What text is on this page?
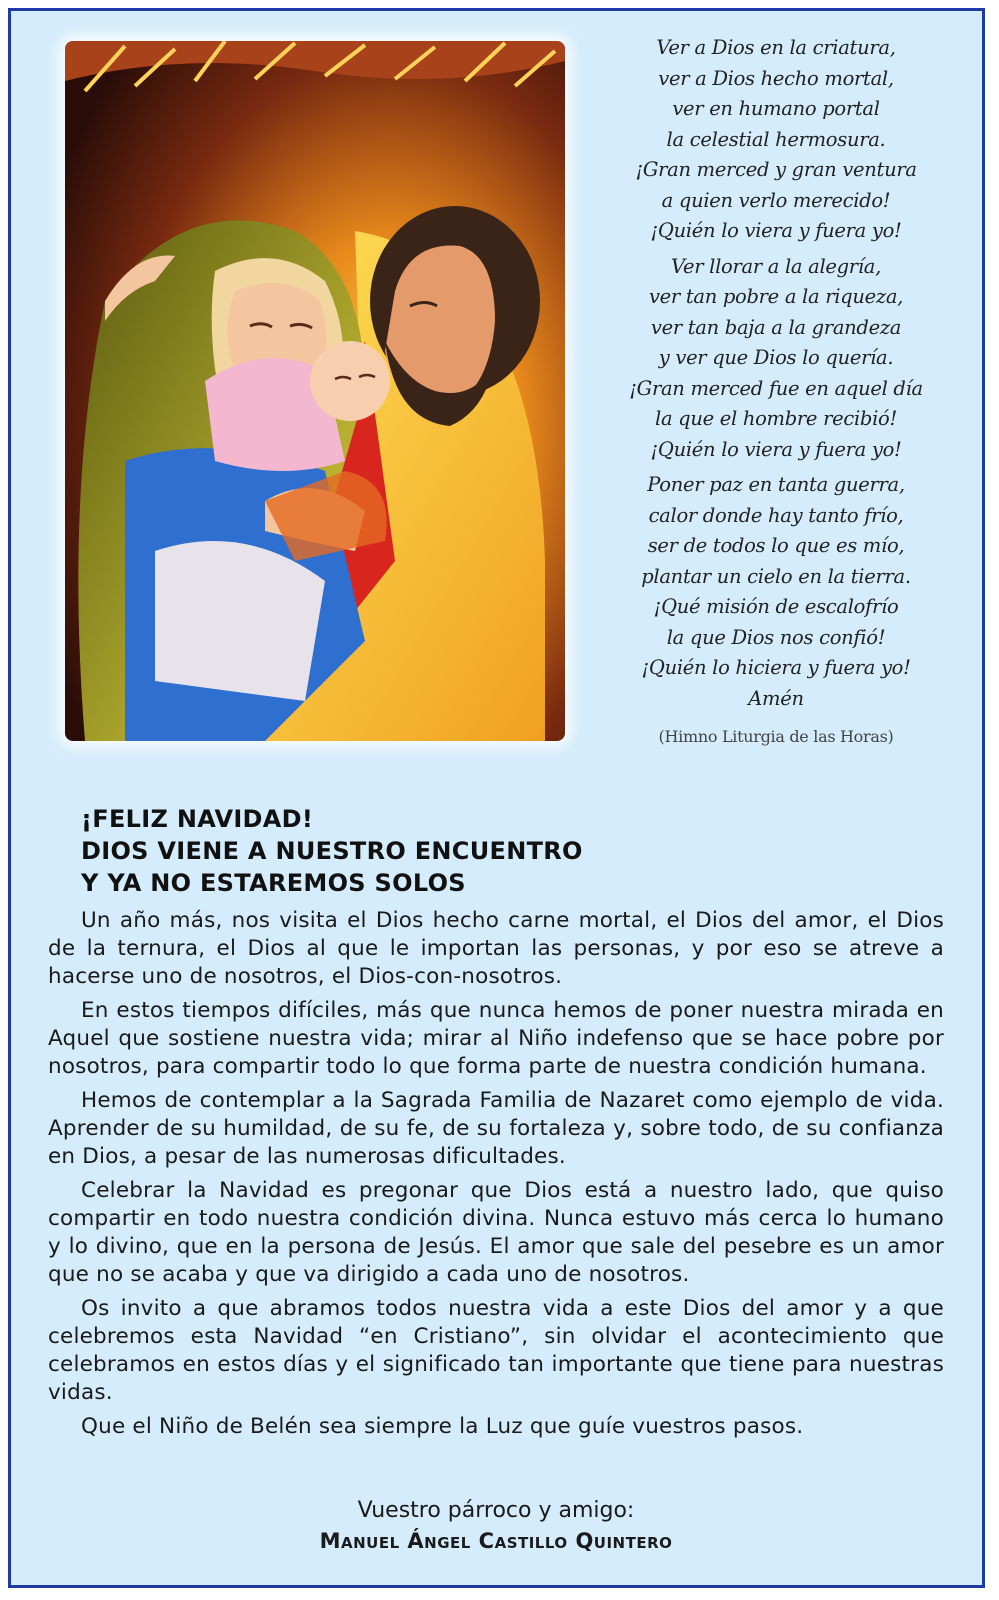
Ver a Dios en la criatura,
ver a Dios hecho mortal,
ver en humano portal
la celestial hermosura.
¡Gran merced y gran ventura
a quien verlo merecido!
¡Quién lo viera y fuera yo!
Ver llorar a la alegría,
ver tan pobre a la riqueza,
ver tan baja a la grandeza
y ver que Dios lo quería.
¡Gran merced fue en aquel día
la que el hombre recibió!
¡Quién lo viera y fuera yo!
Poner paz en tanta guerra,
calor donde hay tanto frío,
ser de todos lo que es mío,
plantar un cielo en la tierra.
¡Qué misión de escalofrío
la que Dios nos confió!
¡Quién lo hiciera y fuera yo!
Amén
(Himno Liturgia de las Horas)
¡FELIZ NAVIDAD!
DIOS VIENE A NUESTRO ENCUENTRO
Y YA NO ESTAREMOS SOLOS

Un año más, nos visita el Dios hecho carne mortal, el Dios del amor, el Dios de la ternura, el Dios al que le importan las personas, y por eso se atreve a hacerse uno de nosotros, el Dios-con-nosotros.

En estos tiempos difíciles, más que nunca hemos de poner nuestra mirada en Aquel que sostiene nuestra vida; mirar al Niño indefenso que se hace pobre por nosotros, para compartir todo lo que forma parte de nuestra condición humana.

Hemos de contemplar a la Sagrada Familia de Nazaret como ejemplo de vida. Aprender de su humildad, de su fe, de su fortaleza y, sobre todo, de su confianza en Dios, a pesar de las numerosas dificultades.

Celebrar la Navidad es pregonar que Dios está a nuestro lado, que quiso compartir en todo nuestra condición divina. Nunca estuvo más cerca lo humano y lo divino, que en la persona de Jesús. El amor que sale del pesebre es un amor que no se acaba y que va dirigido a cada uno de nosotros.

Os invito a que abramos todos nuestra vida a este Dios del amor y a que celebremos esta Navidad “en Cristiano”, sin olvidar el acontecimiento que celebramos en estos días y el significado tan importante que tiene para nuestras vidas.

Que el Niño de Belén sea siempre la Luz que guíe vuestros pasos.

Vuestro párroco y amigo:
Manuel Ángel Castillo Quintero
